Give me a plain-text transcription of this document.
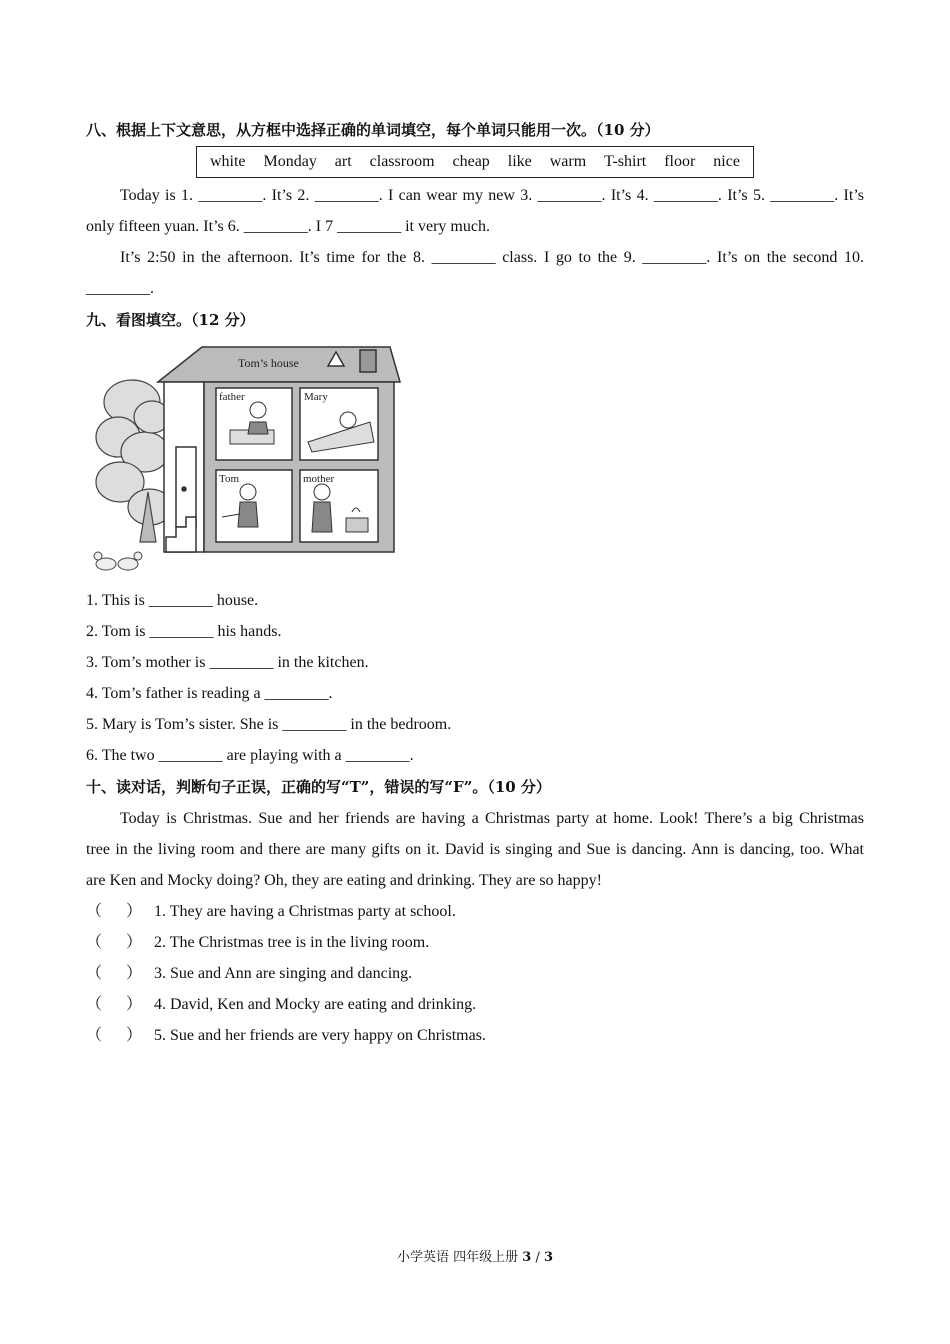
八、根据上下文意思，从方框中选择正确的单词填空，每个单词只能用一次。（10 分）
white Monday art classroom cheap like warm T-shirt floor nice
Today is 1. ________. It’s 2. ________. I can wear my new 3. ________. It’s 4. ________. It’s 5. ________. It’s
only fifteen yuan. It’s 6. ________. I 7 ________ it very much.
It’s 2:50 in the afternoon. It’s time for the 8. ________ class. I go to the 9. ________. It’s on the second 10.
________.
九、看图填空。（12 分）
Tom’s house
father	Mary
Tom	mother
1. This is ________ house.
2. Tom is ________ his hands.
3. Tom’s mother is ________ in the kitchen.
4. Tom’s father is reading a ________.
5. Mary is Tom’s sister. She is ________ in the bedroom.
6. The two ________ are playing with a ________.
十、读对话，判断句子正误，正确的写“T”，错误的写“F”。（10 分）
Today is Christmas. Sue and her friends are having a Christmas party at home. Look! There’s a big Christmas
tree in the living room and there are many gifts on it. David is singing and Sue is dancing. Ann is dancing, too. What
are Ken and Mocky doing? Oh, they are eating and drinking. They are so happy!
（ ） 1. They are having a Christmas party at school.
（ ） 2. The Christmas tree is in the living room.
（ ） 3. Sue and Ann are singing and dancing.
（ ） 4. David, Ken and Mocky are eating and drinking.
（ ） 5. Sue and her friends are very happy on Christmas.
小学英语 四年级上册 3 / 3
